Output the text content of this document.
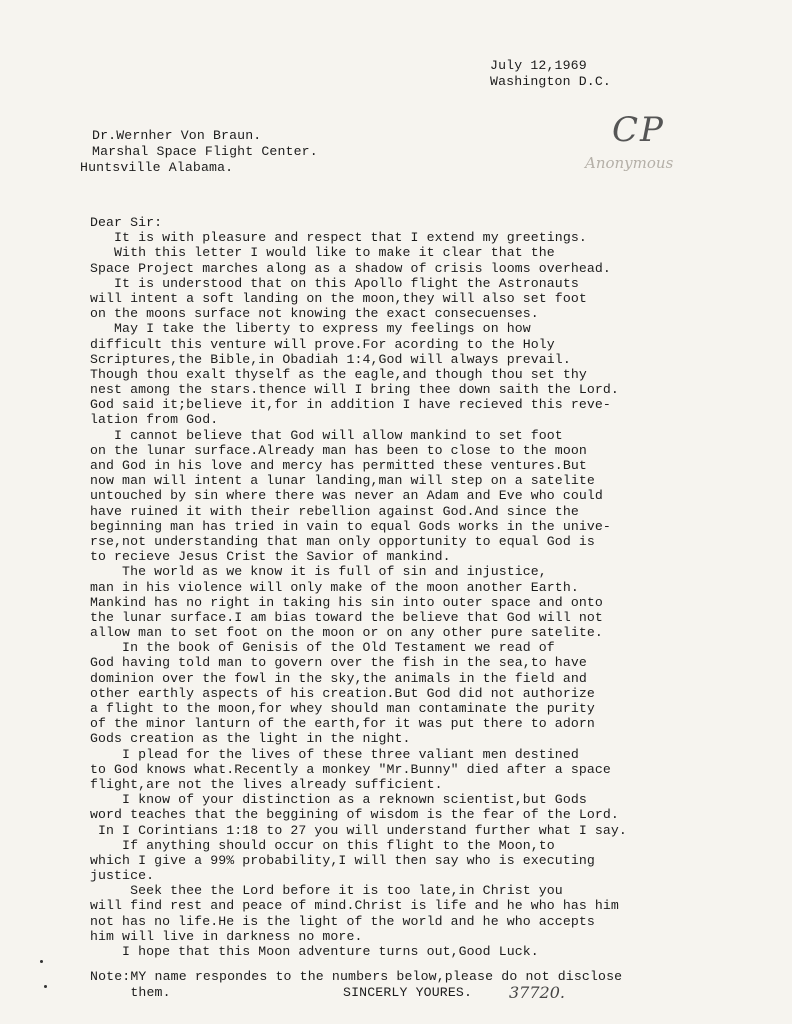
July 12,1969
Washington D.C.
Dr.Wernher Von Braun.
Marshal Space Flight Center.
Huntsville Alabama.
CP
Anonymous
Dear Sir:
It is with pleasure and respect that I extend my greetings.
With this letter I would like to make it clear that the
Space Project marches along as a shadow of crisis looms overhead.
It is understood that on this Apollo flight the Astronauts
will intent a soft landing on the moon,they will also set foot
on the moons surface not knowing the exact consecuenses.
May I take the liberty to express my feelings on how
difficult this venture will prove.For acording to the Holy
Scriptures,the Bible,in Obadiah 1:4,God will always prevail.
Though thou exalt thyself as the eagle,and though thou set thy
nest among the stars.thence will I bring thee down saith the Lord.
God said it;believe it,for in addition I have recieved this reve-
lation from God.
I cannot believe that God will allow mankind to set foot
on the lunar surface.Already man has been to close to the moon
and God in his love and mercy has permitted these ventures.But
now man will intent a lunar landing,man will step on a satelite
untouched by sin where there was never an Adam and Eve who could
have ruined it with their rebellion against God.And since the
beginning man has tried in vain to equal Gods works in the unive-
rse,not understanding that man only opportunity to equal God is
to recieve Jesus Crist the Savior of mankind.
The world as we know it is full of sin and injustice,
man in his violence will only make of the moon another Earth.
Mankind has no right in taking his sin into outer space and onto
the lunar surface.I am bias toward the believe that God will not
allow man to set foot on the moon or on any other pure satelite.
In the book of Genisis of the Old Testament we read of
God having told man to govern over the fish in the sea,to have
dominion over the fowl in the sky,the animals in the field and
other earthly aspects of his creation.But God did not authorize
a flight to the moon,for whey should man contaminate the purity
of the minor lanturn of the earth,for it was put there to adorn
Gods creation as the light in the night.
I plead for the lives of these three valiant men destined
to God knows what.Recently a monkey "Mr.Bunny" died after a space
flight,are not the lives already sufficient.
I know of your distinction as a reknown scientist,but Gods
word teaches that the beggining of wisdom is the fear of the Lord.
In I Corintians 1:18 to 27 you will understand further what I say.
If anything should occur on this flight to the Moon,to
which I give a 99% probability,I will then say who is executing
justice.
Seek thee the Lord before it is too late,in Christ you
will find rest and peace of mind.Christ is life and he who has him
not has no life.He is the light of the world and he who accepts
him will live in darkness no more.
I hope that this Moon adventure turns out,Good Luck.
Note:MY name respondes to the numbers below,please do not disclose
them.	SINCERLY YOURES. 37720.
